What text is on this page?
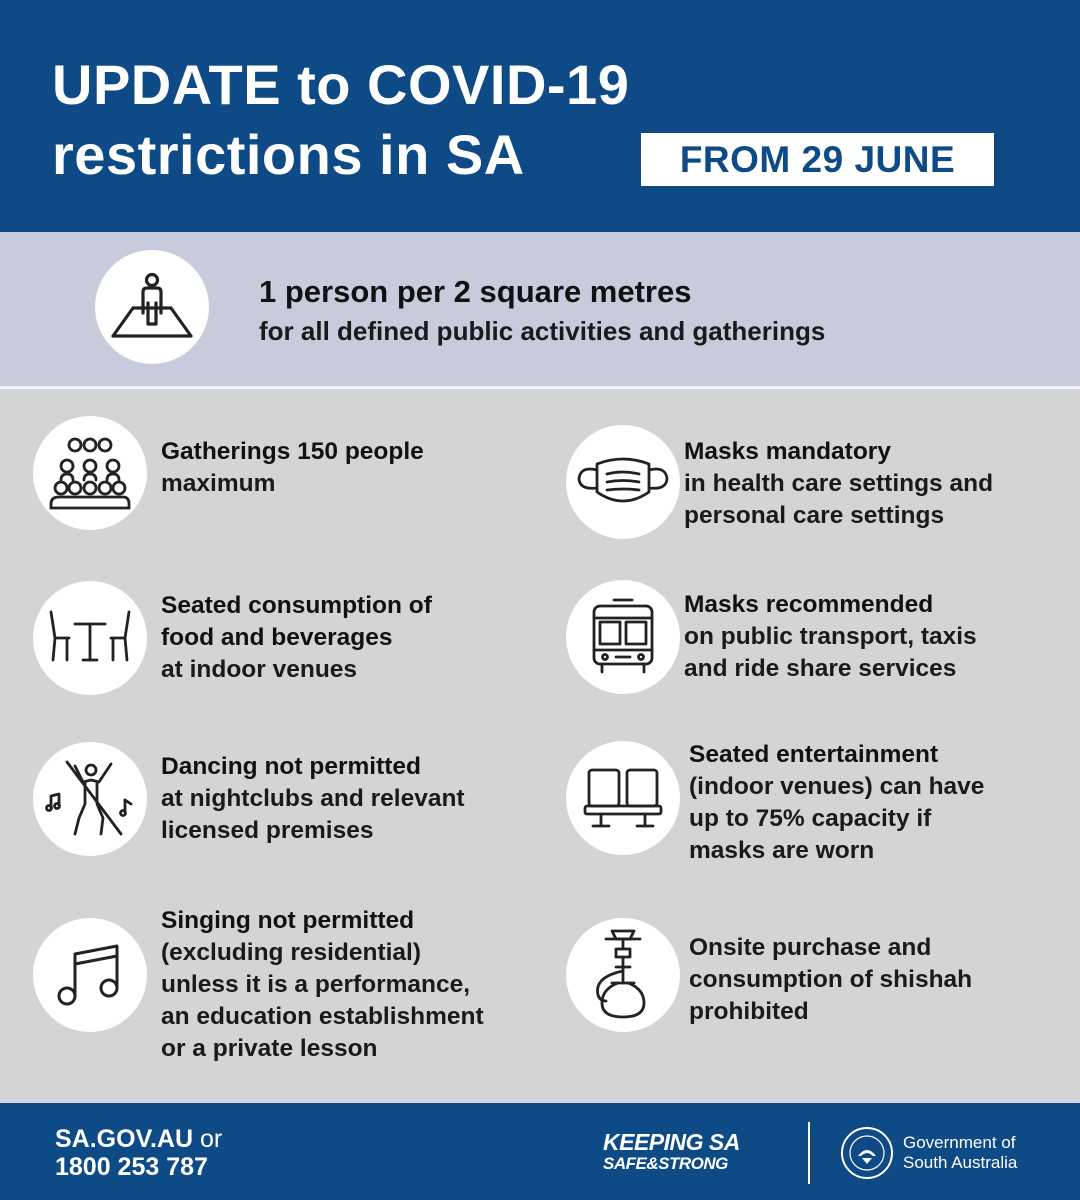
UPDATE to COVID-19
restrictions in SA	FROM 29 JUNE
1 person per 2 square metres
for all defined public activities and gatherings
Gatherings 150 people
maximum
Masks mandatory
in health care settings and
personal care settings
Seated consumption of
food and beverages
at indoor venues
Masks recommended
on public transport, taxis
and ride share services
Dancing not permitted
at nightclubs and relevant
licensed premises
Seated entertainment
(indoor venues) can have
up to 75% capacity if
masks are worn
Singing not permitted
(excluding residential)
unless it is a performance,
an education establishment
or a private lesson
Onsite purchase and
consumption of shishah
prohibited
SA.GOV.AU or
1800 253 787
KEEPING SA
SAFE&STRONG
Government of
South Australia
